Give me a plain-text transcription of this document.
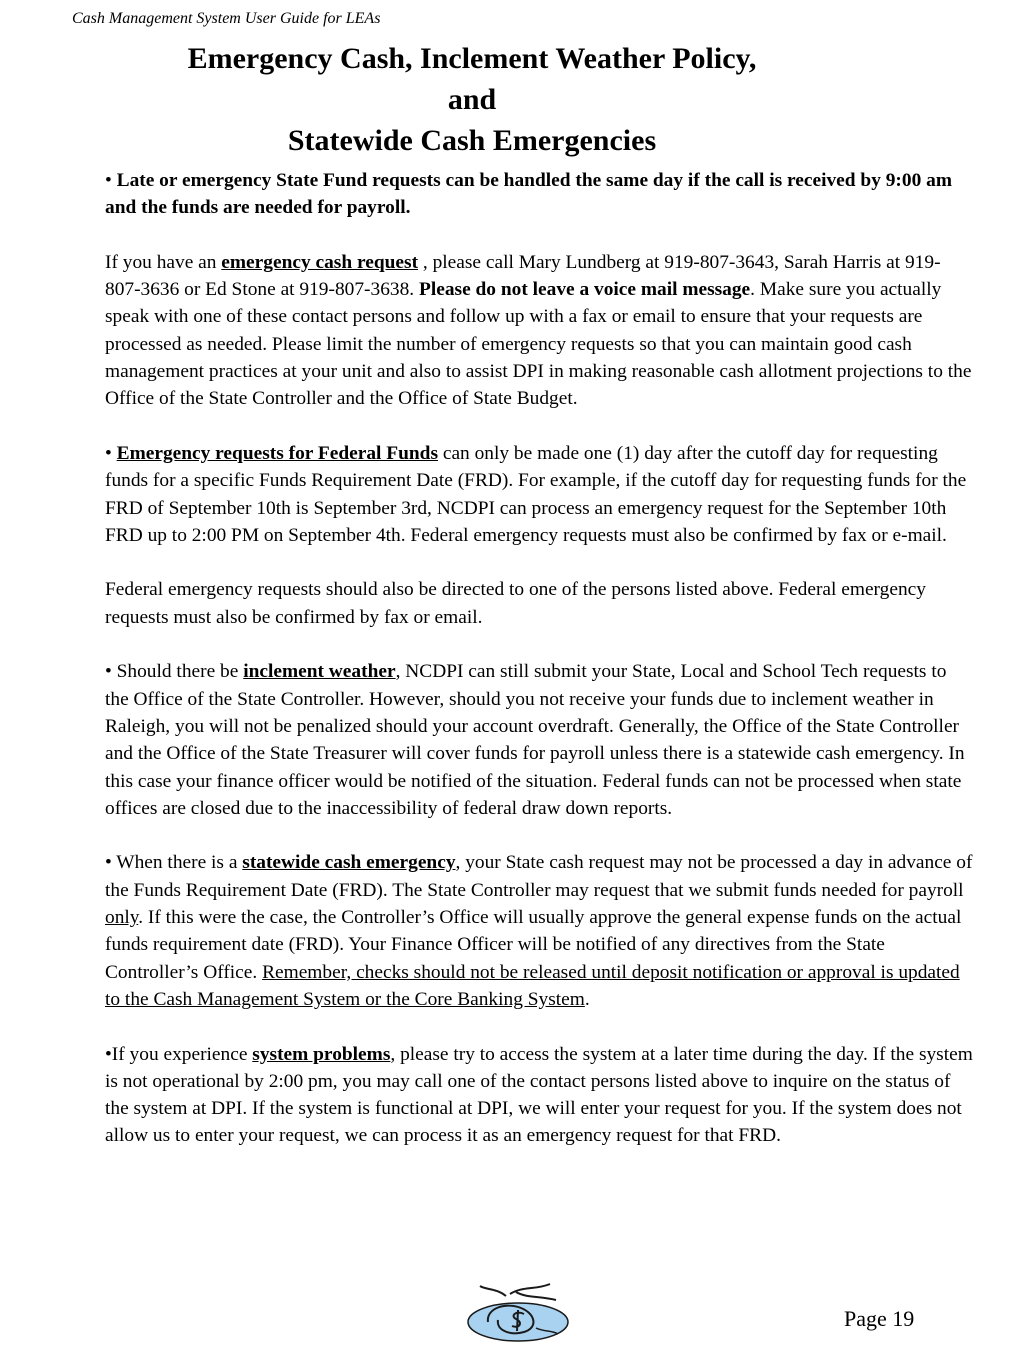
Cash Management System User Guide for LEAs
Emergency Cash, Inclement Weather Policy,
and
Statewide Cash Emergencies

• Late or emergency State Fund requests can be handled the same day if the call is received by 9:00 am and the funds are needed for payroll.

If you have an emergency cash request , please call Mary Lundberg at 919-807-3643, Sarah Harris at 919-807-3636 or Ed Stone at 919-807-3638. Please do not leave a voice mail message. Make sure you actually speak with one of these contact persons and follow up with a fax or email to ensure that your requests are processed as needed. Please limit the number of emergency requests so that you can maintain good cash management practices at your unit and also to assist DPI in making reasonable cash allotment projections to the Office of the State Controller and the Office of State Budget.

• Emergency requests for Federal Funds can only be made one (1) day after the cutoff day for requesting funds for a specific Funds Requirement Date (FRD). For example, if the cutoff day for requesting funds for the FRD of September 10th is September 3rd, NCDPI can process an emergency request for the September 10th FRD up to 2:00 PM on September 4th. Federal emergency requests must also be confirmed by fax or e-mail.

Federal emergency requests should also be directed to one of the persons listed above. Federal emergency requests must also be confirmed by fax or email.

• Should there be inclement weather, NCDPI can still submit your State, Local and School Tech requests to the Office of the State Controller. However, should you not receive your funds due to inclement weather in Raleigh, you will not be penalized should your account overdraft. Generally, the Office of the State Controller and the Office of the State Treasurer will cover funds for payroll unless there is a statewide cash emergency. In this case your finance officer would be notified of the situation. Federal funds can not be processed when state offices are closed due to the inaccessibility of federal draw down reports.

• When there is a statewide cash emergency, your State cash request may not be processed a day in advance of the Funds Requirement Date (FRD). The State Controller may request that we submit funds needed for payroll only. If this were the case, the Controller’s Office will usually approve the general expense funds on the actual funds requirement date (FRD). Your Finance Officer will be notified of any directives from the State Controller’s Office. Remember, checks should not be released until deposit notification or approval is updated to the Cash Management System or the Core Banking System.

•If you experience system problems, please try to access the system at a later time during the day. If the system is not operational by 2:00 pm, you may call one of the contact persons listed above to inquire on the status of the system at DPI. If the system is functional at DPI, we will enter your request for you. If the system does not allow us to enter your request, we can process it as an emergency request for that FRD.

Page 19
